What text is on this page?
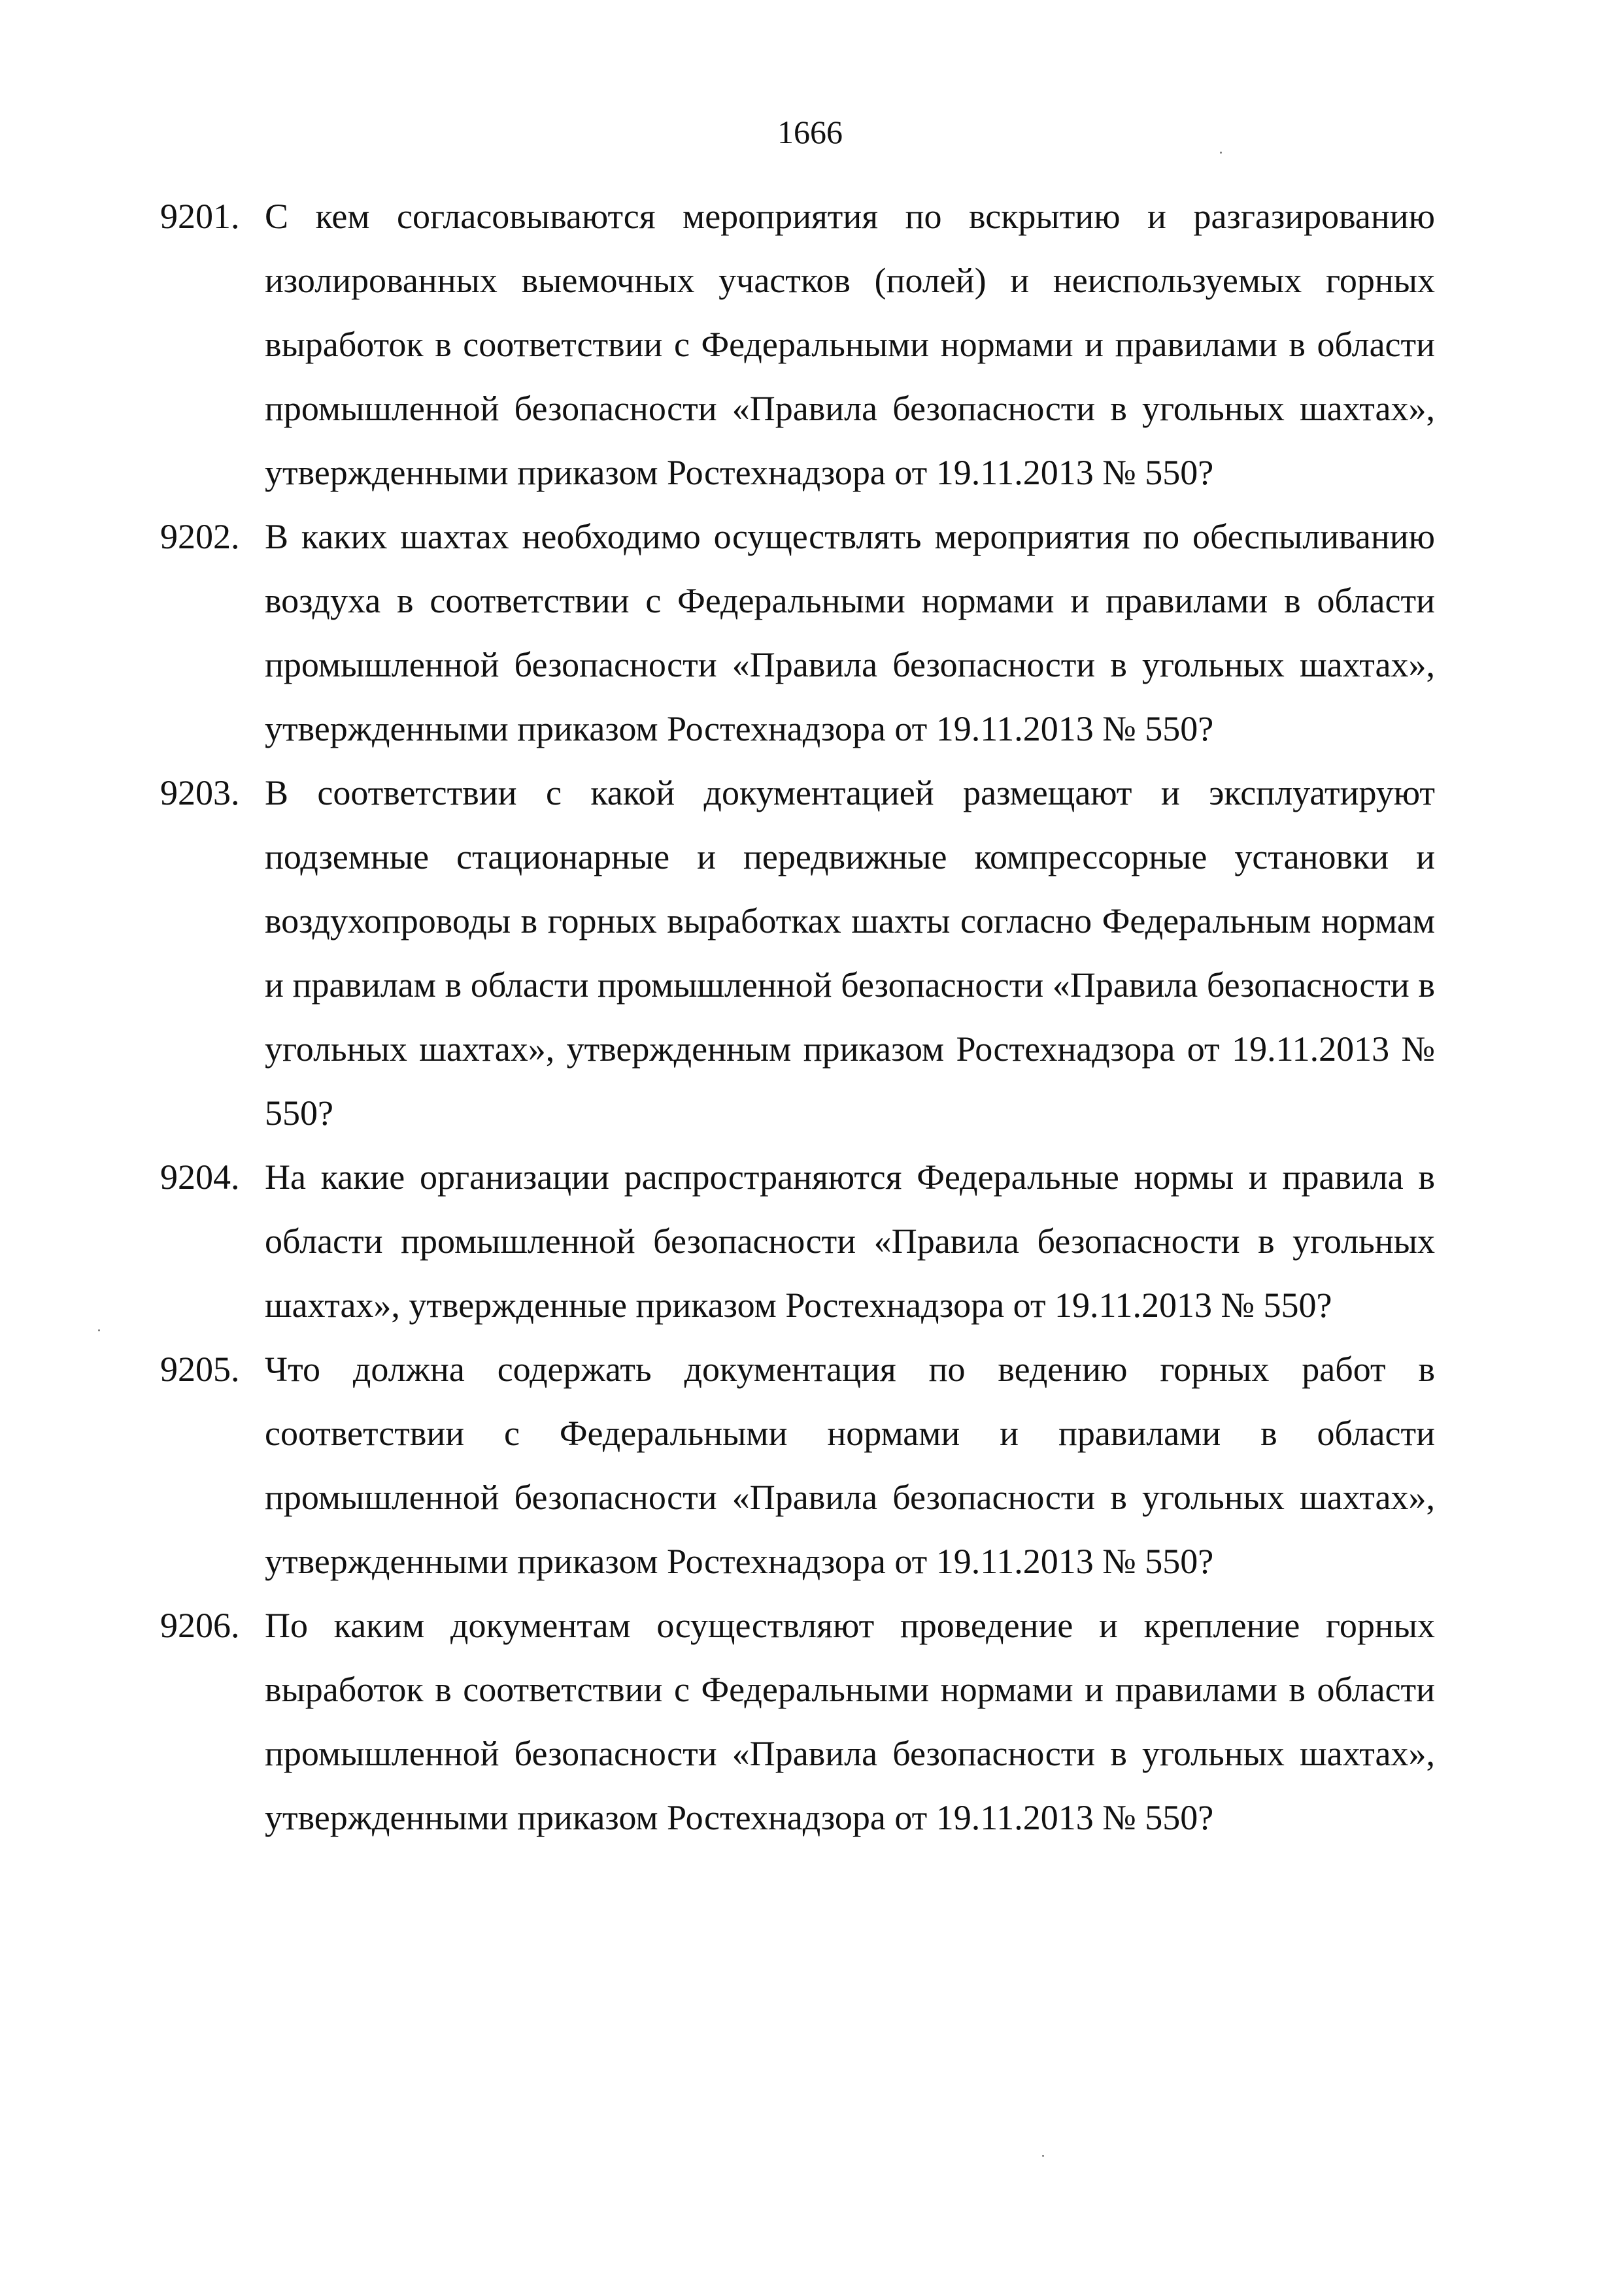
1666
9201. С кем согласовываются мероприятия по вскрытию и разгазированию изолированных выемочных участков (полей) и неиспользуемых горных выработок в соответствии с Федеральными нормами и правилами в области промышленной безопасности «Правила безопасности в угольных шахтах», утвержденными приказом Ростехнадзора от 19.11.2013 № 550?
9202. В каких шахтах необходимо осуществлять мероприятия по обеспыливанию воздуха в соответствии с Федеральными нормами и правилами в области промышленной безопасности «Правила безопасности в угольных шахтах», утвержденными приказом Ростехнадзора от 19.11.2013 № 550?
9203. В соответствии с какой документацией размещают и эксплуатируют подземные стационарные и передвижные компрессорные установки и воздухопроводы в горных выработках шахты согласно Федеральным нормам и правилам в области промышленной безопасности «Правила безопасности в угольных шахтах», утвержденным приказом Ростехнадзора от 19.11.2013 № 550?
9204. На какие организации распространяются Федеральные нормы и правила в области промышленной безопасности «Правила безопасности в угольных шахтах», утвержденные приказом Ростехнадзора от 19.11.2013 № 550?
9205. Что должна содержать документация по ведению горных работ в соответствии с Федеральными нормами и правилами в области промышленной безопасности «Правила безопасности в угольных шахтах», утвержденными приказом Ростехнадзора от 19.11.2013 № 550?
9206. По каким документам осуществляют проведение и крепление горных выработок в соответствии с Федеральными нормами и правилами в области промышленной безопасности «Правила безопасности в угольных шахтах», утвержденными приказом Ростехнадзора от 19.11.2013 № 550?
